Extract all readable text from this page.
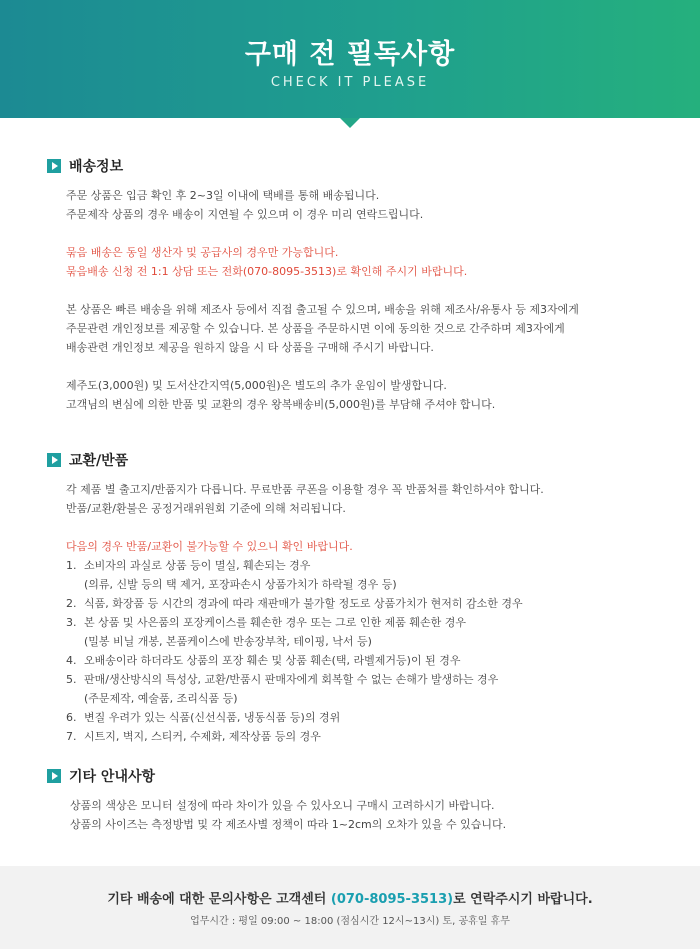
구매 전 필독사항
CHECK IT PLEASE
배송정보
주문 상품은 입금 확인 후 2~3일 이내에 택배를 통해 배송됩니다.
주문제작 상품의 경우 배송이 지연될 수 있으며 이 경우 미리 연락드립니다.
묶음 배송은 동일 생산자 및 공급사의 경우만 가능합니다.
묶음배송 신청 전 1:1 상담 또는 전화(070-8095-3513)로 확인해 주시기 바랍니다.
본 상품은 빠른 배송을 위해 제조사 등에서 직접 출고될 수 있으며, 배송을 위해 제조사/유통사 등 제3자에게
주문관련 개인정보를 제공할 수 있습니다. 본 상품을 주문하시면 이에 동의한 것으로 간주하며 제3자에게
배송관련 개인정보 제공을 원하지 않을 시 타 상품을 구매해 주시기 바랍니다.
제주도(3,000원) 및 도서산간지역(5,000원)은 별도의 추가 운임이 발생합니다.
고객님의 변심에 의한 반품 및 교환의 경우 왕복배송비(5,000원)를 부담해 주셔야 합니다.
교환/반품
각 제품 별 출고지/반품지가 다릅니다. 무료반품 쿠폰을 이용할 경우 꼭 반품처를 확인하셔야 합니다.
반품/교환/환불은 공정거래위원회 기준에 의해 처리됩니다.
다음의 경우 반품/교환이 불가능할 수 있으니 확인 바랍니다.
1. 소비자의 과실로 상품 등이 멸실, 훼손되는 경우
(의류, 신발 등의 택 제거, 포장파손시 상품가치가 하락될 경우 등)
2. 식품, 화장품 등 시간의 경과에 따라 재판매가 불가할 정도로 상품가치가 현저히 감소한 경우
3. 본 상품 및 사은품의 포장케이스를 훼손한 경우 또는 그로 인한 제품 훼손한 경우
(밀봉 비닐 개봉, 본품케이스에 반송장부착, 테이핑, 낙서 등)
4. 오배송이라 하더라도 상품의 포장 훼손 및 상품 훼손(택, 라벨제거등)이 된 경우
5. 판매/생산방식의 특성상, 교환/반품시 판매자에게 회복할 수 없는 손해가 발생하는 경우
(주문제작, 예술품, 조리식품 등)
6. 변질 우려가 있는 식품(신선식품, 냉동식품 등)의 경위
7. 시트지, 벽지, 스티커, 수제화, 제작상품 등의 경우
기타 안내사항
상품의 색상은 모니터 설정에 따라 차이가 있을 수 있사오니 구매시 고려하시기 바랍니다.
상품의 사이즈는 측정방법 및 각 제조사별 정책이 따라 1~2cm의 오차가 있을 수 있습니다.
기타 배송에 대한 문의사항은 고객센터 (070-8095-3513)로 연락주시기 바랍니다.
업무시간 : 평일 09:00 ~ 18:00 (점심시간 12시~13시) 토, 공휴일 휴무
